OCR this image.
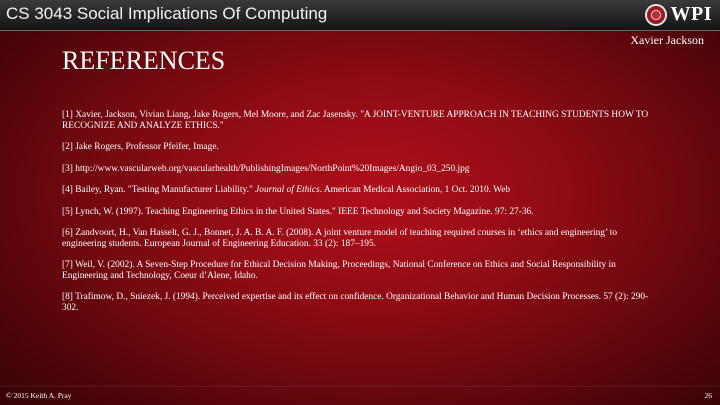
CS 3043 Social Implications Of Computing	WPI
Xavier Jackson
REFERENCES
[1] Xavier, Jackson, Vivian Liang, Jake Rogers, Mel Moore, and Zac Jasensky. "A JOINT-VENTURE APPROACH IN TEACHING STUDENTS HOW TO RECOGNIZE AND ANALYZE ETHICS."
[2] Jake Rogers, Professor Pfeifer, Image.
[3] http://www.vascularweb.org/vascularhealth/PublishingImages/NorthPoint%20Images/Angio_03_250.jpg
[4] Bailey, Ryan. "Testing Manufacturer Liability." Journal of Ethics. American Medical Association, 1 Oct. 2010. Web
[5] Lynch, W. (1997). Teaching Engineering Ethics in the United States." IEEE Technology and Society Magazine. 97: 27-36.
[6] Zandvoort, H., Van Hasselt, G. J., Bonnet, J. A. B. A. F. (2008). A joint venture model of teaching required courses in ‘ethics and engineering’ to engineering students. European Journal of Engineering Education. 33 (2): 187–195.
[7] Weil, V. (2002). A Seven-Step Procedure for Ethical Decision Making, Proceedings, National Conference on Ethics and Social Responsibility in Engineering and Technology, Coeur d’Alene, Idaho.
[8] Trafimow, D., Sniezek, J. (1994). Perceived expertise and its effect on confidence. Organizational Behavior and Human Decision Processes. 57 (2): 290-302.
© 2015 Keith A. Pray	26
